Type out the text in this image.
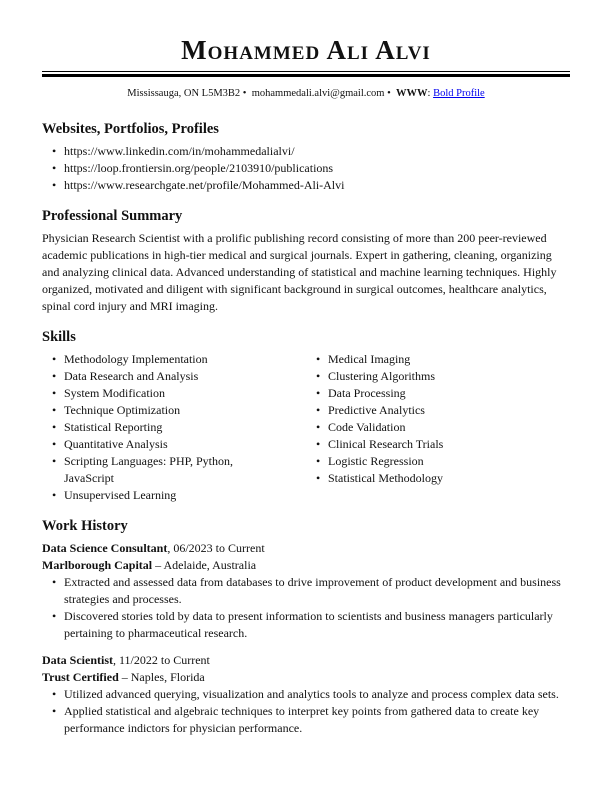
Mohammed Ali Alvi
Mississauga, ON L5M3B2 •  mohammedali.alvi@gmail.com •  WWW: Bold Profile
Websites, Portfolios, Profiles
• https://www.linkedin.com/in/mohammedalialvi/
• https://loop.frontiersin.org/people/2103910/publications
• https://www.researchgate.net/profile/Mohammed-Ali-Alvi
Professional Summary

Physician Research Scientist with a prolific publishing record consisting of more than 200 peer-reviewed academic publications in high-tier medical and surgical journals. Expert in gathering, cleaning, organizing and analyzing clinical data. Advanced understanding of statistical and machine learning techniques. Highly organized, motivated and diligent with significant background in surgical outcomes, healthcare analytics, spinal cord injury and MRI imaging.

Skills
• Methodology Implementation
• Data Research and Analysis
• System Modification
• Technique Optimization
• Statistical Reporting
• Quantitative Analysis
• Scripting Languages: PHP, Python, JavaScript
• Unsupervised Learning
• Medical Imaging
• Clustering Algorithms
• Data Processing
• Predictive Analytics
• Code Validation
• Clinical Research Trials
• Logistic Regression
• Statistical Methodology
Work History
Data Science Consultant, 06/2023 to Current
Marlborough Capital – Adelaide, Australia
• Extracted and assessed data from databases to drive improvement of product development and business strategies and processes.
• Discovered stories told by data to present information to scientists and business managers particularly pertaining to pharmaceutical research.
Data Scientist, 11/2022 to Current
Trust Certified – Naples, Florida
• Utilized advanced querying, visualization and analytics tools to analyze and process complex data sets.
• Applied statistical and algebraic techniques to interpret key points from gathered data to create key performance indictors for physician performance.
